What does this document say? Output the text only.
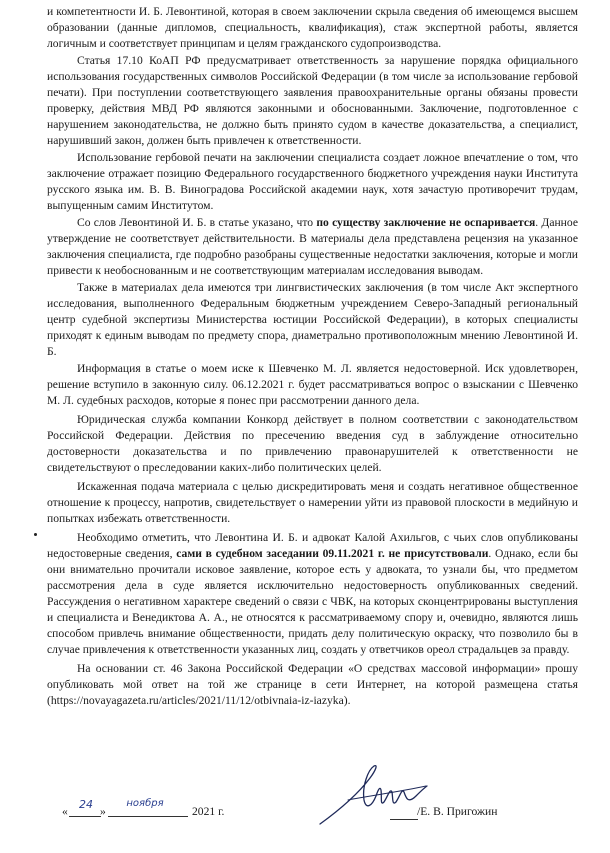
и компетентности И. Б. Левонтиной, которая в своем заключении скрыла сведения об имеющемся высшем образовании (данные дипломов, специальность, квалификация), стаж экспертной работы, является логичным и соответствует принципам и целям гражданского судопроизводства.

Статья 17.10 КоАП РФ предусматривает ответственность за нарушение порядка официального использования государственных символов Российской Федерации (в том числе за использование гербовой печати). При поступлении соответствующего заявления правоохранительные органы обязаны провести проверку, действия МВД РФ являются законными и обоснованными. Заключение, подготовленное с нарушением законодательства, не должно быть принято судом в качестве доказательства, а специалист, нарушивший закон, должен быть привлечен к ответственности.

Использование гербовой печати на заключении специалиста создает ложное впечатление о том, что заключение отражает позицию Федерального государственного бюджетного учреждения науки Института русского языка им. В. В. Виноградова Российской академии наук, хотя зачастую противоречит трудам, выпущенным самим Институтом.

Со слов Левонтиной И. Б. в статье указано, что по существу заключение не оспаривается. Данное утверждение не соответствует действительности. В материалы дела представлена рецензия на указанное заключения специалиста, где подробно разобраны существенные недостатки заключения, которые и могли привести к необоснованным и не соответствующим материалам исследования выводам.

Также в материалах дела имеются три лингвистических заключения (в том числе Акт экспертного исследования, выполненного Федеральным бюджетным учреждением Северо-Западный региональный центр судебной экспертизы Министерства юстиции Российской Федерации), в которых специалисты приходят к единым выводам по предмету спора, диаметрально противоположным мнению Левонтиной И. Б.

Информация в статье о моем иске к Шевченко М. Л. является недостоверной. Иск удовлетворен, решение вступило в законную силу. 06.12.2021 г. будет рассматриваться вопрос о взыскании с Шевченко М. Л. судебных расходов, которые я понес при рассмотрении данного дела.

Юридическая служба компании Конкорд действует в полном соответствии с законодательством Российской Федерации. Действия по пресечению введения суд в заблуждение относительно достоверности доказательства и по привлечению правонарушителей к ответственности не свидетельствуют о преследовании каких-либо политических целей.

Искаженная подача материала с целью дискредитировать меня и создать негативное общественное отношение к процессу, напротив, свидетельствует о намерении уйти из правовой плоскости в медийную и попытках избежать ответственности.

Необходимо отметить, что Левонтина И. Б. и адвокат Калой Ахильгов, с чьих слов опубликованы недостоверные сведения, сами в судебном заседании 09.11.2021 г. не присутствовали. Однако, если бы они внимательно прочитали исковое заявление, которое есть у адвоката, то узнали бы, что предметом рассмотрения дела в суде является исключительно недостоверность опубликованных сведений. Рассуждения о негативном характере сведений о связи с ЧВК, на которых сконцентрированы выступления и специалиста и Венедиктова А. А., не относятся к рассматриваемому спору и, очевидно, являются лишь способом привлечь внимание общественности, придать делу политическую окраску, что позволило бы в случае привлечения к ответственности указанных лиц, создать у ответчиков ореол страдальцев за правду.

На основании ст. 46 Закона Российской Федерации «О средствах массовой информации» прошу опубликовать мой ответ на той же странице в сети Интернет, на которой размещена статья (https://novayagazeta.ru/articles/2021/11/12/otbivnaia-iz-iazyka).

«
24
»
ноября
2021 г.	/Е. В. Пригожин
